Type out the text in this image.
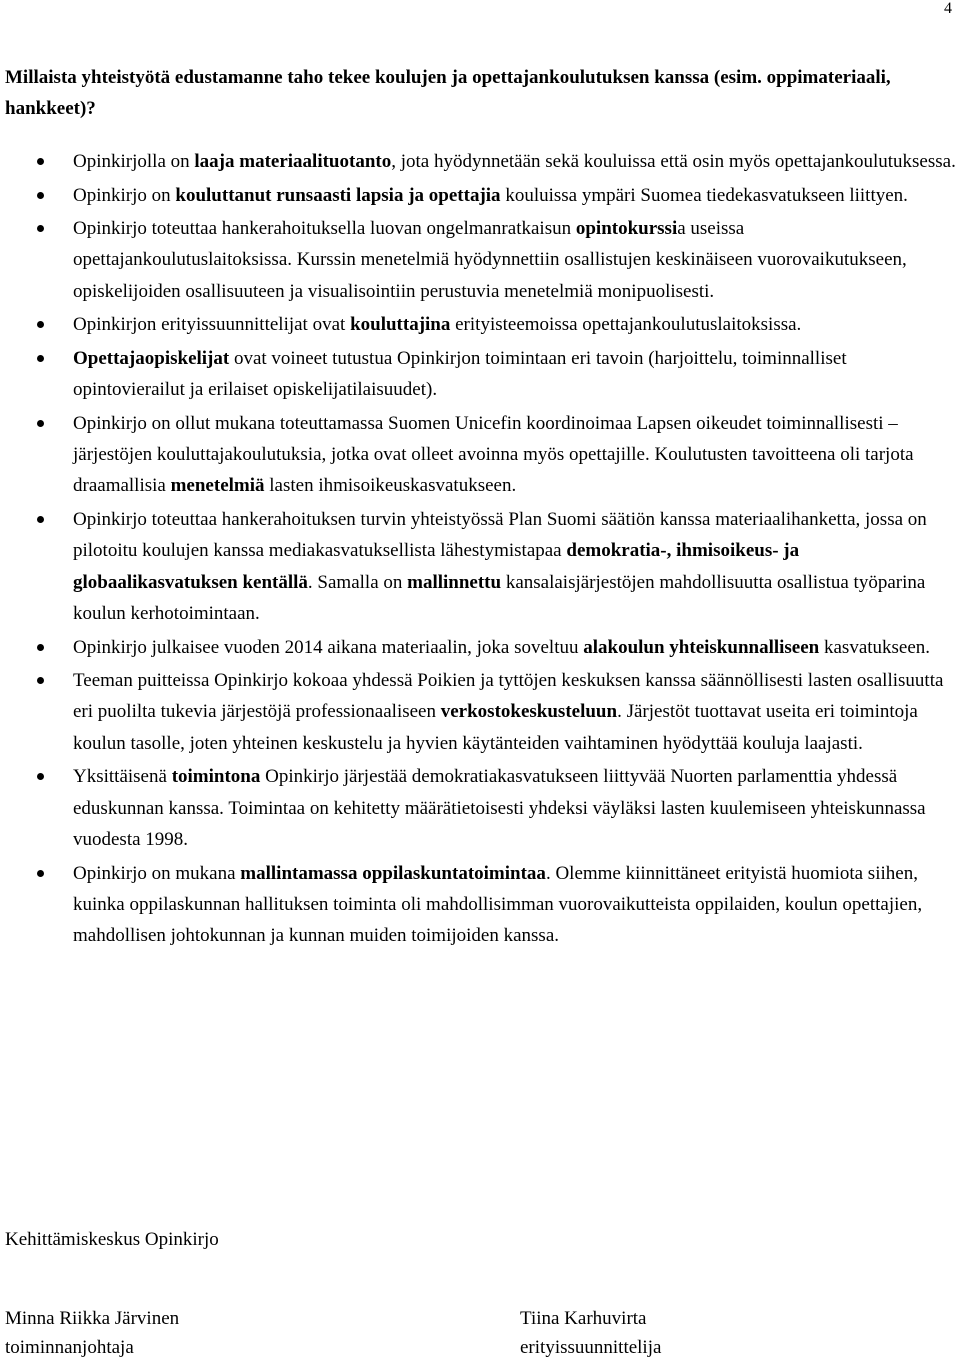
4
Millaista yhteistyötä edustamanne taho tekee koulujen ja opettajankoulutuksen kanssa (esim. oppimateriaali, hankkeet)?
Opinkirjolla on laaja materiaalituotanto, jota hyödynnetään sekä kouluissa että osin myös opettajankoulutuksessa.
Opinkirjo on kouluttanut runsaasti lapsia ja opettajia kouluissa ympäri Suomea tiedekasvatukseen liittyen.
Opinkirjo toteuttaa hankerahoituksella luovan ongelmanratkaisun opintokurssia useissa opettajankoulutuslaitoksissa. Kurssin menetelmiä hyödynnettiin osallistujen keskinäiseen vuorovaikutukseen, opiskelijoiden osallisuuteen ja visualisointiin perustuvia menetelmiä monipuolisesti.
Opinkirjon erityissuunnittelijat ovat kouluttajina erityisteemoissa opettajankoulutuslaitoksissa.
Opettajaopiskelijat ovat voineet tutustua Opinkirjon toimintaan eri tavoin (harjoittelu, toiminnalliset opintovierailut ja erilaiset opiskelijatilaisuudet).
Opinkirjo on ollut mukana toteuttamassa Suomen Unicefin koordinoimaa Lapsen oikeudet toiminnallisesti –järjestöjen kouluttajakoulutuksia, jotka ovat olleet avoinna myös opettajille. Koulutusten tavoitteena oli tarjota draamallisia menetelmiä lasten ihmisoikeuskasvatukseen.
Opinkirjo toteuttaa hankerahoituksen turvin yhteistyössä Plan Suomi säätiön kanssa materiaalihanketta, jossa on pilotoitu koulujen kanssa mediakasvatuksellista lähestymistapaa demokratia-, ihmisoikeus- ja globaalikasvatuksen kentällä. Samalla on mallinnettu kansalaisjärjestöjen mahdollisuutta osallistua työparina koulun kerhotoimintaan.
Opinkirjo julkaisee vuoden 2014 aikana materiaalin, joka soveltuu alakoulun yhteiskunnalliseen kasvatukseen.
Teeman puitteissa Opinkirjo kokoaa yhdessä Poikien ja tyttöjen keskuksen kanssa säännöllisesti lasten osallisuutta eri puolilta tukevia järjestöjä professionaaliseen verkostokeskusteluun. Järjestöt tuottavat useita eri toimintoja koulun tasolle, joten yhteinen keskustelu ja hyvien käytänteiden vaihtaminen hyödyttää kouluja laajasti.
Yksittäisenä toimintona Opinkirjo järjestää demokratiakasvatukseen liittyvää Nuorten parlamenttia yhdessä eduskunnan kanssa. Toimintaa on kehitetty määrätietoisesti yhdeksi väyläksi lasten kuulemiseen yhteiskunnassa vuodesta 1998.
Opinkirjo on mukana mallintamassa oppilaskuntatoimintaa. Olemme kiinnittäneet erityistä huomiota siihen, kuinka oppilaskunnan hallituksen toiminta oli mahdollisimman vuorovaikutteista oppilaiden, koulun opettajien, mahdollisen johtokunnan ja kunnan muiden toimijoiden kanssa.
Kehittämiskeskus Opinkirjo
Minna Riikka Järvinen
toiminnanjohtaja
Tiina Karhuvirta
erityissuunnittelija
